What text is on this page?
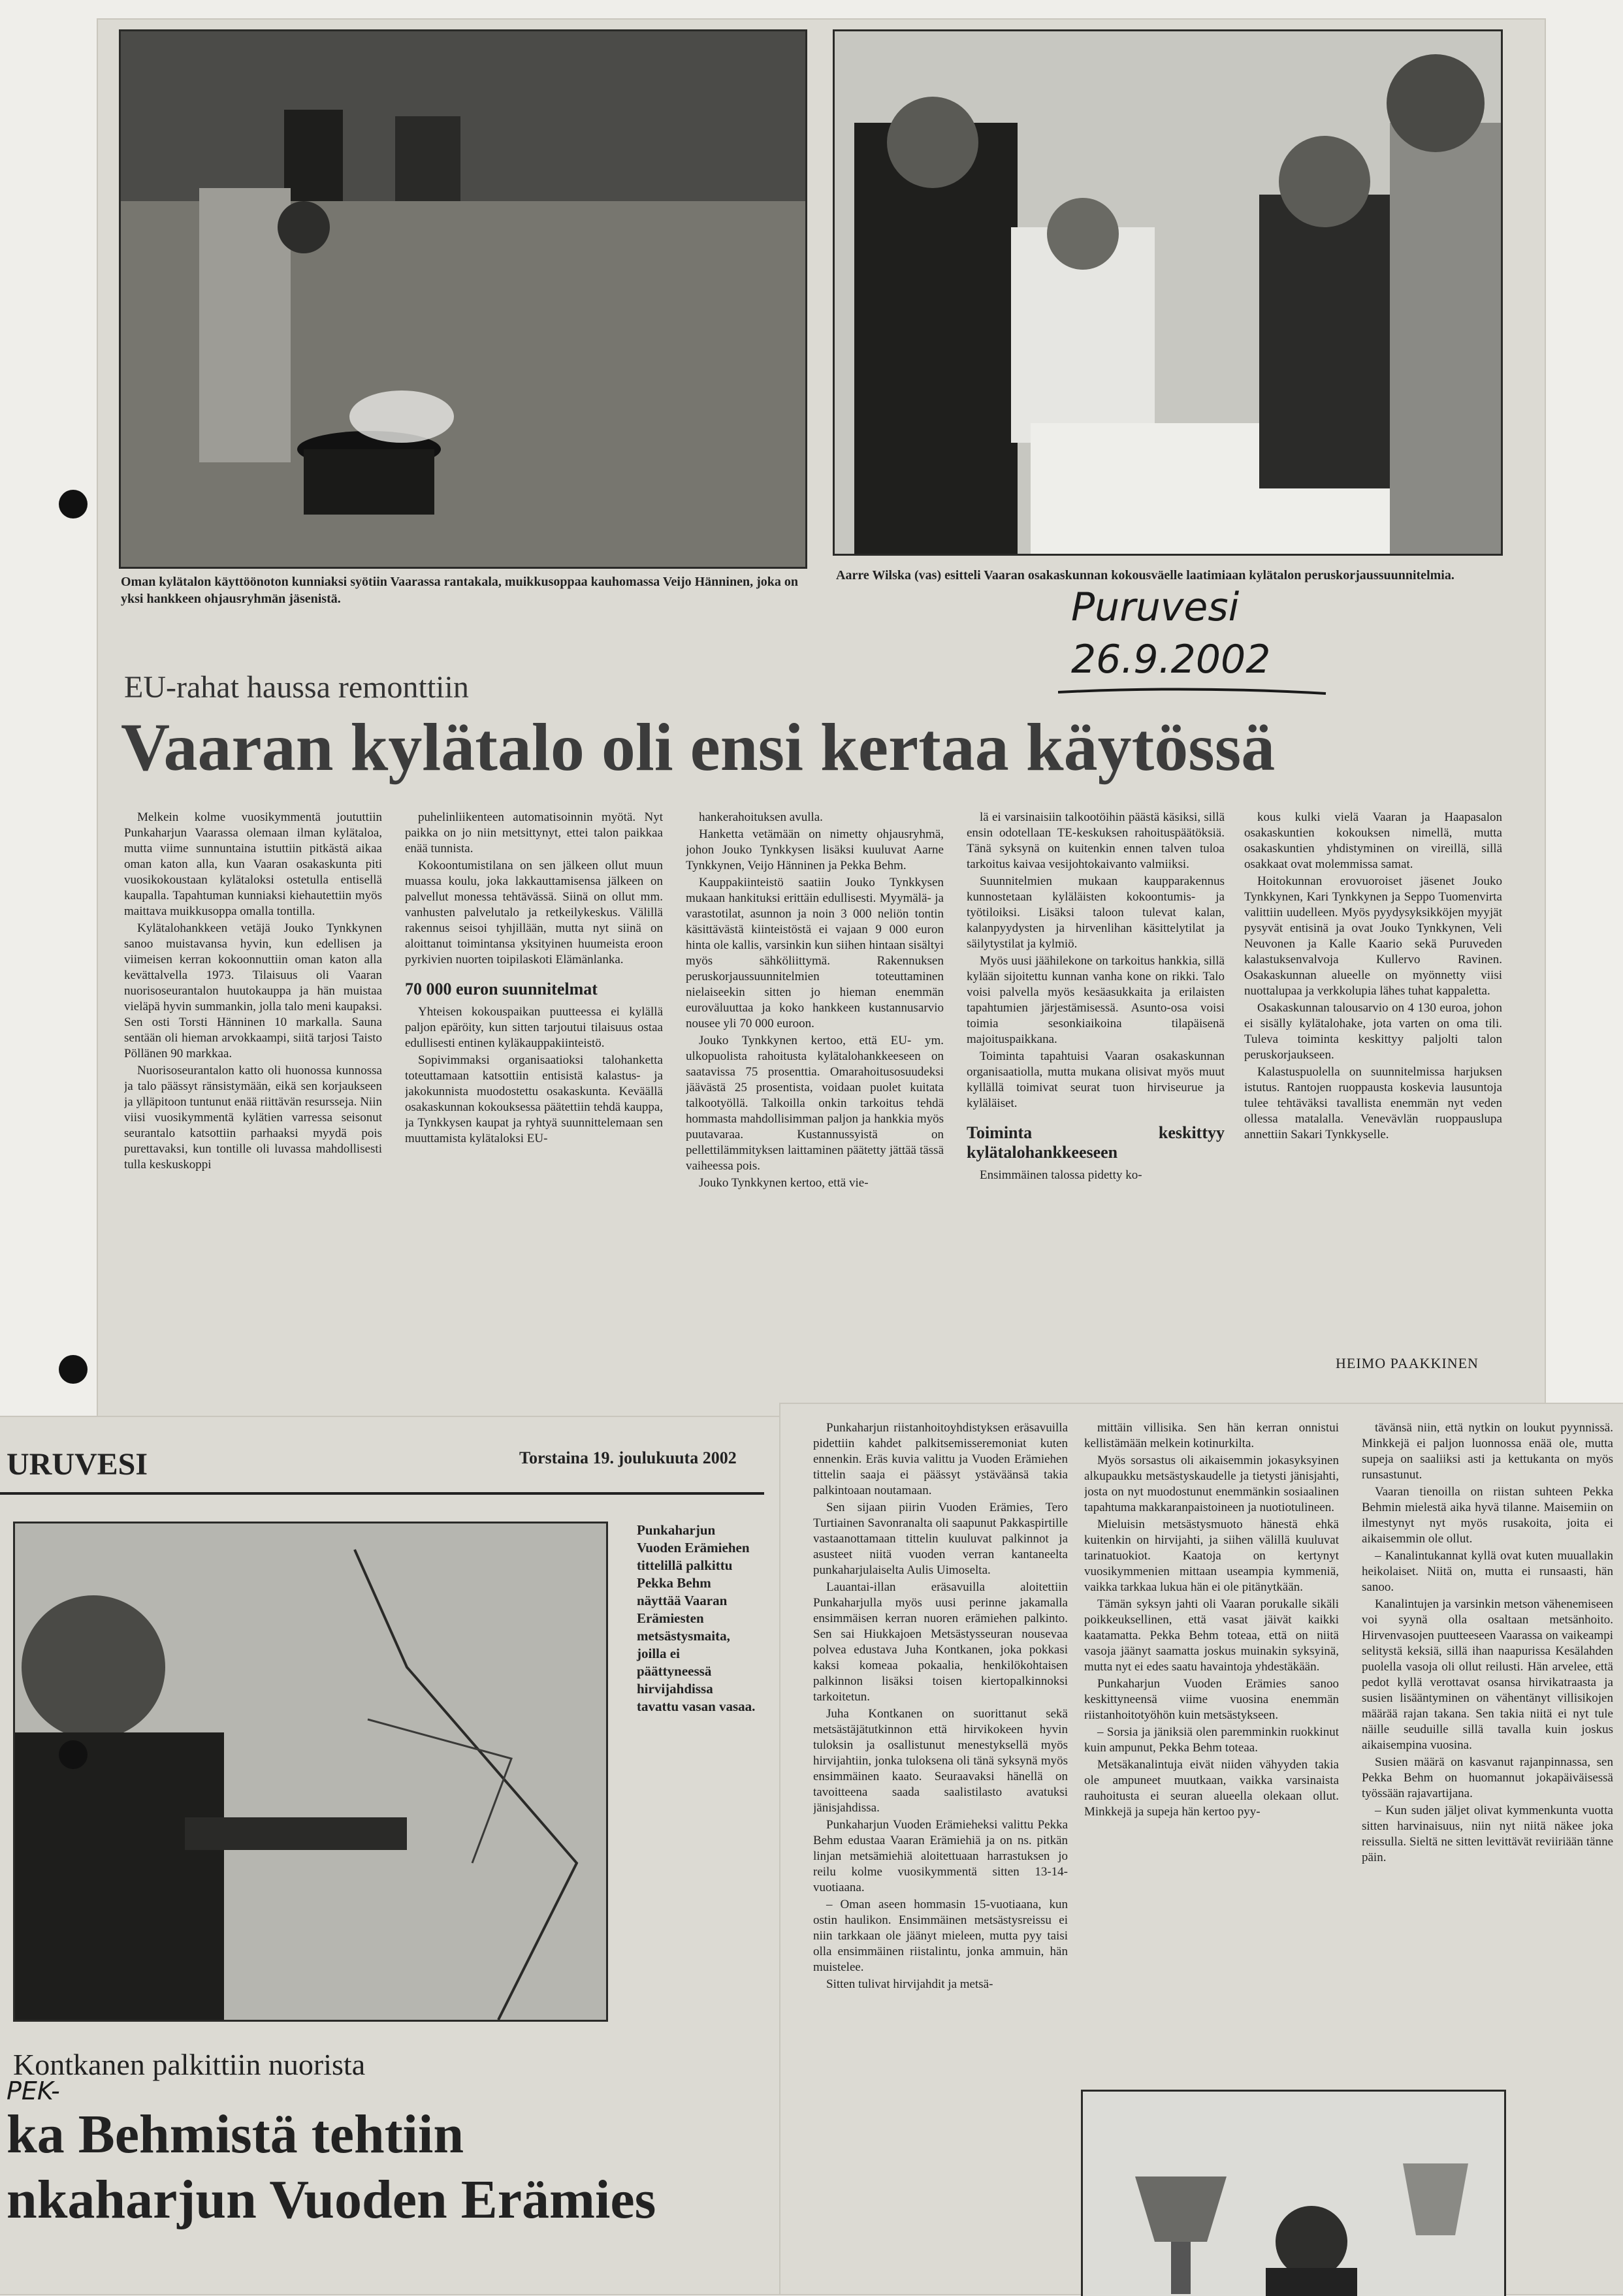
Oman kylätalon käyttöönoton kunniaksi syötiin Vaarassa rantakala, muikkusoppaa kauhomassa Veijo Hänninen, joka on yksi hankkeen ohjausryhmän jäsenistä.
Aarre Wilska (vas) esitteli Vaaran osakaskunnan kokousväelle laatimiaan kylätalon peruskorjaussuunnitelmia.
Puruvesi
26.9.2002
EU-rahat haussa remonttiin
Vaaran kylätalo oli ensi kertaa käytössä

Melkein kolme vuosikymmentä joututtiin Punkaharjun Vaarassa olemaan ilman kylätaloa, mutta viime sunnuntaina istuttiin pitkästä aikaa oman katon alla, kun Vaaran osakaskunta piti vuosikokoustaan kylätaloksi ostetulla entisellä kaupalla. Tapahtuman kunniaksi kiehautettiin myös maittava muikkusoppa omalla tontilla.

Kylätalohankkeen vetäjä Jouko Tynkkynen sanoo muistavansa hyvin, kun edellisen ja viimeisen kerran kokoonnuttiin oman katon alla kevättalvella 1973. Tilaisuus oli Vaaran nuorisoseurantalon huutokauppa ja hän muistaa vieläpä hyvin summankin, jolla talo meni kaupaksi. Sen osti Torsti Hänninen 10 markalla. Sauna sentään oli hieman arvokkaampi, siitä tarjosi Taisto Pöllänen 90 markkaa.

Nuorisoseurantalon katto oli huonossa kunnossa ja talo päässyt ränsistymään, eikä sen korjaukseen ja ylläpitoon tuntunut enää riittävän resursseja. Niin viisi vuosikymmentä kylätien varressa seisonut seurantalo katsottiin parhaaksi myydä pois purettavaksi, kun tontille oli luvassa mahdollisesti tulla keskuskoppi

puhelinliikenteen automatisoinnin myötä. Nyt paikka on jo niin metsittynyt, ettei talon paikkaa enää tunnista.

Kokoontumistilana on sen jälkeen ollut muun muassa koulu, joka lakkauttamisensa jälkeen on palvellut monessa tehtävässä. Siinä on ollut mm. vanhusten palvelutalo ja retkeilykeskus. Välillä rakennus seisoi tyhjillään, mutta nyt siinä on aloittanut toimintansa yksityinen huumeista eroon pyrkivien nuorten toipilaskoti Elämänlanka.

70 000 euron suunnitelmat

Yhteisen kokouspaikan puutteessa ei kylällä paljon epäröity, kun sitten tarjoutui tilaisuus ostaa edullisesti entinen kyläkauppakiinteistö.

Sopivimmaksi organisaatioksi talohanketta toteuttamaan katsottiin entisistä kalastus- ja jakokunnista muodostettu osakaskunta. Keväällä osakaskunnan kokouksessa päätettiin tehdä kauppa, ja Tynkkysen kaupat ja ryhtyä suunnittelemaan sen muuttamista kylätaloksi EU-

hankerahoituksen avulla.

Hanketta vetämään on nimetty ohjausryhmä, johon Jouko Tynkkysen lisäksi kuuluvat Aarne Tynkkynen, Veijo Hänninen ja Pekka Behm.

Kauppakiinteistö saatiin Jouko Tynkkysen mukaan hankituksi erittäin edullisesti. Myymälä- ja varastotilat, asunnon ja noin 3 000 neliön tontin käsittävästä kiinteistöstä ei vajaan 9 000 euron hinta ole kallis, varsinkin kun siihen hintaan sisältyi myös sähköliittymä. Rakennuksen peruskorjaussuunnitelmien toteuttaminen nielaiseekin sitten jo hieman enemmän euroväluuttaa ja koko hankkeen kustannusarvio nousee yli 70 000 euroon.

Jouko Tynkkynen kertoo, että EU- ym. ulkopuolista rahoitusta kylätalohankkeeseen on saatavissa 75 prosenttia. Omarahoitusosuudeksi jäävästä 25 prosentista, voidaan puolet kuitata talkootyöllä. Talkoilla onkin tarkoitus tehdä hommasta mahdollisimman paljon ja hankkia myös puutavaraa. Kustannussyistä on pellettilämmityksen laittaminen päätetty jättää tässä vaiheessa pois.

Jouko Tynkkynen kertoo, että vie-

lä ei varsinaisiin talkootöihin päästä käsiksi, sillä ensin odotellaan TE-keskuksen rahoituspäätöksiä. Tänä syksynä on kuitenkin ennen talven tuloa tarkoitus kaivaa vesijohtokaivanto valmiiksi.

Suunnitelmien mukaan kaupparakennus kunnostetaan kyläläisten kokoontumis- ja työtiloiksi. Lisäksi taloon tulevat kalan, kalanpyydysten ja hirvenlihan käsittelytilat ja säilytystilat ja kylmiö.

Myös uusi jäähilekone on tarkoitus hankkia, sillä kylään sijoitettu kunnan vanha kone on rikki. Talo voisi palvella myös kesäasukkaita ja erilaisten tapahtumien järjestämisessä. Asunto-osa voisi toimia sesonkiaikoina tilapäisenä majoituspaikkana.

Toiminta tapahtuisi Vaaran osakaskunnan organisaatiolla, mutta mukana olisivat myös muut kyllällä toimivat seurat tuon hirviseurue ja kyläläiset.

Toiminta keskittyy kylätalohankkeeseen

Ensimmäinen talossa pidetty ko-

kous kulki vielä Vaaran ja Haapasalon osakaskuntien kokouksen nimellä, mutta osakaskuntien yhdistyminen on vireillä, sillä osakkaat ovat molemmissa samat.

Hoitokunnan erovuoroiset jäsenet Jouko Tynkkynen, Kari Tynkkynen ja Seppo Tuomenvirta valittiin uudelleen. Myös pyydysyksikköjen myyjät pysyvät entisinä ja ovat Jouko Tynkkynen, Veli Neuvonen ja Kalle Kaario sekä Puruveden kalastuksenvalvoja Kullervo Ravinen. Osakaskunnan alueelle on myönnetty viisi nuottalupaa ja verkkolupia lähes tuhat kappaletta.

Osakaskunnan talousarvio on 4 130 euroa, johon ei sisälly kylätalohake, jota varten on oma tili. Tuleva toiminta keskittyy paljolti talon peruskorjaukseen.

Kalastuspuolella on suunnitelmissa harjuksen istutus. Rantojen ruoppausta koskevia lausuntoja tulee tehtäväksi tavallista enemmän nyt veden ollessa matalalla. Venevävlän ruoppauslupa annettiin Sakari Tynkkyselle.

HEIMO PAAKKINEN
URUVESI	Torstaina 19. joulukuuta 2002
Punkaharjun Vuoden Erämiehen tittelillä palkittu Pekka Behm näyttää Vaaran Erämiesten metsästysmaita, joilla ei päättyneessä hirvijahdissa tavattu vasan vasaa.
Kontkanen palkittiin nuorista
PEK-
ka Behmistä tehtiin
nkaharjun Vuoden Erämies

Punkaharjun riistanhoitoyhdistyksen eräsavuilla pidettiin kahdet palkitsemisseremoniat kuten ennenkin. Eräs kuvia valittu ja Vuoden Erämiehen tittelin saaja ei päässyt ystäväänsä takia palkintoaan noutamaan.

Sen sijaan piirin Vuoden Erämies, Tero Turtiainen Savonranalta oli saapunut Pakkaspirtille vastaanottamaan tittelin kuuluvat palkinnot ja asusteet niitä vuoden verran kantaneelta punkaharjulaiselta Aulis Uimoselta.

Lauantai-illan eräsavuilla aloitettiin Punkaharjulla myös uusi perinne jakamalla ensimmäisen kerran nuoren erämiehen palkinto. Sen sai Hiukkajoen Metsästysseuran nousevaa polvea edustava Juha Kontkanen, joka pokkasi kaksi komeaa pokaalia, henkilökohtaisen palkinnon lisäksi toisen kiertopalkinnoksi tarkoitetun.

Juha Kontkanen on suorittanut sekä metsästäjätutkinnon että hirvikokeen hyvin tuloksin ja osallistunut menestyksellä myös hirvijahtiin, jonka tuloksena oli tänä syksynä myös ensimmäinen kaato. Seuraavaksi hänellä on tavoitteena saada saalistilasto avatuksi jänisjahdissa.

Punkaharjun Vuoden Erämieheksi valittu Pekka Behm edustaa Vaaran Erämiehiä ja on ns. pitkän linjan metsämiehiä aloitettuaan harrastuksen jo reilu kolme vuosikymmentä sitten 13-14-vuotiaana.

– Oman aseen hommasin 15-vuotiaana, kun ostin haulikon. Ensimmäinen metsästysreissu ei niin tarkkaan ole jäänyt mieleen, mutta pyy taisi olla ensimmäinen riistalintu, jonka ammuin, hän muistelee.

Sitten tulivat hirvijahdit ja metsä-

mittäin villisika. Sen hän kerran onnistui kellistämään melkein kotinurkilta.

Myös sorsastus oli aikaisemmin jokasyksyinen alkupaukku metsästyskaudelle ja tietysti jänisjahti, josta on nyt muodostunut enemmänkin sosiaalinen tapahtuma makkaranpaistoineen ja nuotiotulineen.

Mieluisin metsästysmuoto hänestä ehkä kuitenkin on hirvijahti, ja siihen välillä kuuluvat tarinatuokiot. Kaatoja on kertynyt vuosikymmenien mittaan useampia kymmeniä, vaikka tarkkaa lukua hän ei ole pitänytkään.

Tämän syksyn jahti oli Vaaran porukalle sikäli poikkeuksellinen, että vasat jäivät kaikki kaatamatta. Pekka Behm toteaa, että on niitä vasoja jäänyt saamatta joskus muinakin syksyinä, mutta nyt ei edes saatu havaintoja yhdestäkään.

Punkaharjun Vuoden Erämies sanoo keskittyneensä viime vuosina enemmän riistanhoitotyöhön kuin metsästykseen.

– Sorsia ja jäniksiä olen paremminkin ruokkinut kuin ampunut, Pekka Behm toteaa.

Metsäkanalintuja eivät niiden vähyyden takia ole ampuneet muutkaan, vaikka varsinaista rauhoitusta ei seuran alueella olekaan ollut. Minkkejä ja supeja hän kertoo pyy-

tävänsä niin, että nytkin on loukut pyynnissä. Minkkejä ei paljon luonnossa enää ole, mutta supeja on saaliiksi asti ja kettukanta on myös runsastunut.

Vaaran tienoilla on riistan suhteen Pekka Behmin mielestä aika hyvä tilanne. Maisemiin on ilmestynyt nyt myös rusakoita, joita ei aikaisemmin ole ollut.

– Kanalintukannat kyllä ovat kuten muuallakin heikolaiset. Niitä on, mutta ei runsaasti, hän sanoo.

Kanalintujen ja varsinkin metson vähenemiseen voi syynä olla osaltaan metsänhoito. Hirvenvasojen puutteeseen Vaarassa on vaikeampi selitystä keksiä, sillä ihan naapurissa Kesälahden puolella vasoja oli ollut reilusti. Hän arvelee, että pedot kyllä verottavat osansa hirvikatraasta ja susien lisääntyminen on vähentänyt villisikojen määrää rajan takana. Sen takia niitä ei nyt tule näille seuduille sillä tavalla kuin joskus aikaisempina vuosina.

Susien määrä on kasvanut rajanpinnassa, sen Pekka Behm on huomannut jokapäiväisessä työssään rajavartijana.

– Kun suden jäljet olivat kymmenkunta vuotta sitten harvinaisuus, niin nyt niitä näkee joka reissulla. Sieltä ne sitten levittävät reviiriään tänne päin.
